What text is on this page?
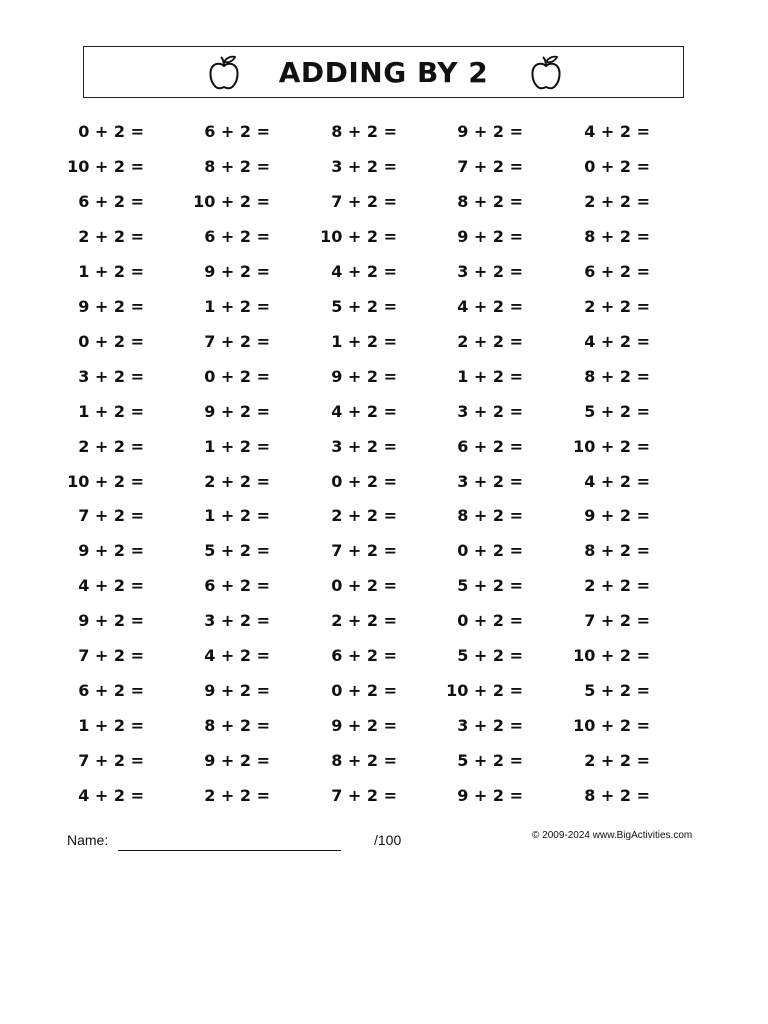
ADDING BY 2
0 + 2 =
10 + 2 =
6 + 2 =
2 + 2 =
1 + 2 =
9 + 2 =
0 + 2 =
3 + 2 =
1 + 2 =
2 + 2 =
10 + 2 =
7 + 2 =
9 + 2 =
4 + 2 =
9 + 2 =
7 + 2 =
6 + 2 =
1 + 2 =
7 + 2 =
4 + 2 =
6 + 2 =
8 + 2 =
10 + 2 =
6 + 2 =
9 + 2 =
1 + 2 =
7 + 2 =
0 + 2 =
9 + 2 =
1 + 2 =
2 + 2 =
1 + 2 =
5 + 2 =
6 + 2 =
3 + 2 =
4 + 2 =
9 + 2 =
8 + 2 =
9 + 2 =
2 + 2 =
8 + 2 =
3 + 2 =
7 + 2 =
10 + 2 =
4 + 2 =
5 + 2 =
1 + 2 =
9 + 2 =
4 + 2 =
3 + 2 =
0 + 2 =
2 + 2 =
7 + 2 =
0 + 2 =
2 + 2 =
6 + 2 =
0 + 2 =
9 + 2 =
8 + 2 =
7 + 2 =
9 + 2 =
7 + 2 =
8 + 2 =
9 + 2 =
3 + 2 =
4 + 2 =
2 + 2 =
1 + 2 =
3 + 2 =
6 + 2 =
3 + 2 =
8 + 2 =
0 + 2 =
5 + 2 =
0 + 2 =
5 + 2 =
10 + 2 =
3 + 2 =
5 + 2 =
9 + 2 =
4 + 2 =
0 + 2 =
2 + 2 =
8 + 2 =
6 + 2 =
2 + 2 =
4 + 2 =
8 + 2 =
5 + 2 =
10 + 2 =
4 + 2 =
9 + 2 =
8 + 2 =
2 + 2 =
7 + 2 =
10 + 2 =
5 + 2 =
10 + 2 =
2 + 2 =
8 + 2 =
Name:	/100	© 2009-2024 www.BigActivities.com
